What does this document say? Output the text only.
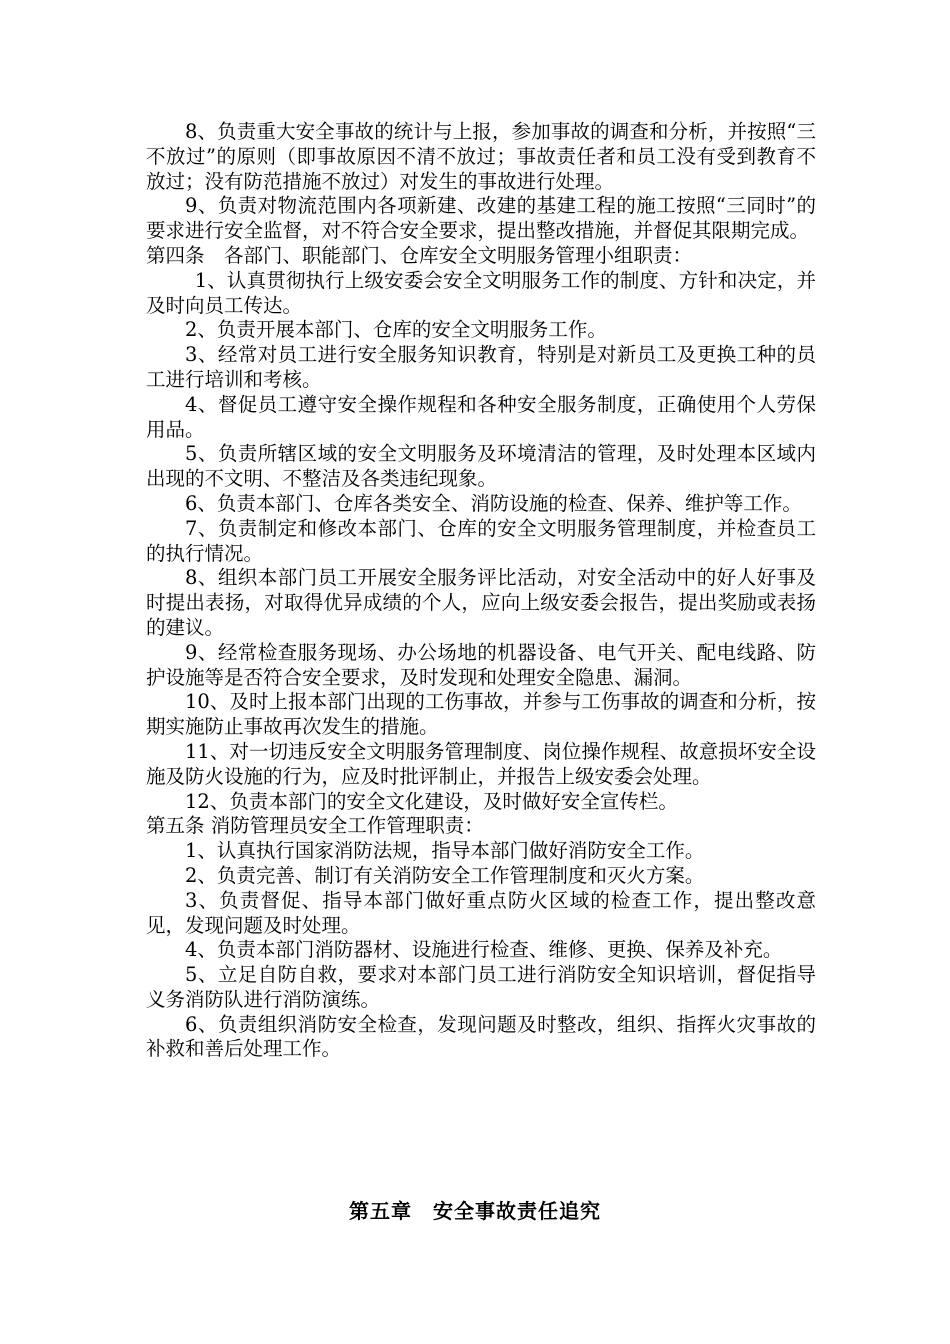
8、负责重大安全事故的统计与上报，参加事故的调查和分析，并按照“三不放过”的原则（即事故原因不清不放过；事故责任者和员工没有受到教育不放过；没有防范措施不放过）对发生的事故进行处理。

9、负责对物流范围内各项新建、改建的基建工程的施工按照“三同时”的要求进行安全监督，对不符合安全要求，提出整改措施，并督促其限期完成。

第四条　各部门、职能部门、仓库安全文明服务管理小组职责：

1、认真贯彻执行上级安委会安全文明服务工作的制度、方针和决定，并及时向员工传达。

2、负责开展本部门、仓库的安全文明服务工作。

3、经常对员工进行安全服务知识教育，特别是对新员工及更换工种的员工进行培训和考核。

4、督促员工遵守安全操作规程和各种安全服务制度，正确使用个人劳保用品。

5、负责所辖区域的安全文明服务及环境清洁的管理，及时处理本区域内出现的不文明、不整洁及各类违纪现象。

6、负责本部门、仓库各类安全、消防设施的检查、保养、维护等工作。

7、负责制定和修改本部门、仓库的安全文明服务管理制度，并检查员工的执行情况。

8、组织本部门员工开展安全服务评比活动，对安全活动中的好人好事及时提出表扬，对取得优异成绩的个人，应向上级安委会报告，提出奖励或表扬的建议。

9、经常检查服务现场、办公场地的机器设备、电气开关、配电线路、防护设施等是否符合安全要求，及时发现和处理安全隐患、漏洞。

10、及时上报本部门出现的工伤事故，并参与工伤事故的调查和分析，按期实施防止事故再次发生的措施。

11、对一切违反安全文明服务管理制度、岗位操作规程、故意损坏安全设施及防火设施的行为，应及时批评制止，并报告上级安委会处理。

12、负责本部门的安全文化建设，及时做好安全宣传栏。

第五条 消防管理员安全工作管理职责：

1、认真执行国家消防法规，指导本部门做好消防安全工作。

2、负责完善、制订有关消防安全工作管理制度和灭火方案。

3、负责督促、指导本部门做好重点防火区域的检查工作，提出整改意见，发现问题及时处理。

4、负责本部门消防器材、设施进行检查、维修、更换、保养及补充。

5、立足自防自救，要求对本部门员工进行消防安全知识培训，督促指导义务消防队进行消防演练。

6、负责组织消防安全检查，发现问题及时整改，组织、指挥火灾事故的补救和善后处理工作。

第五章　安全事故责任追究
